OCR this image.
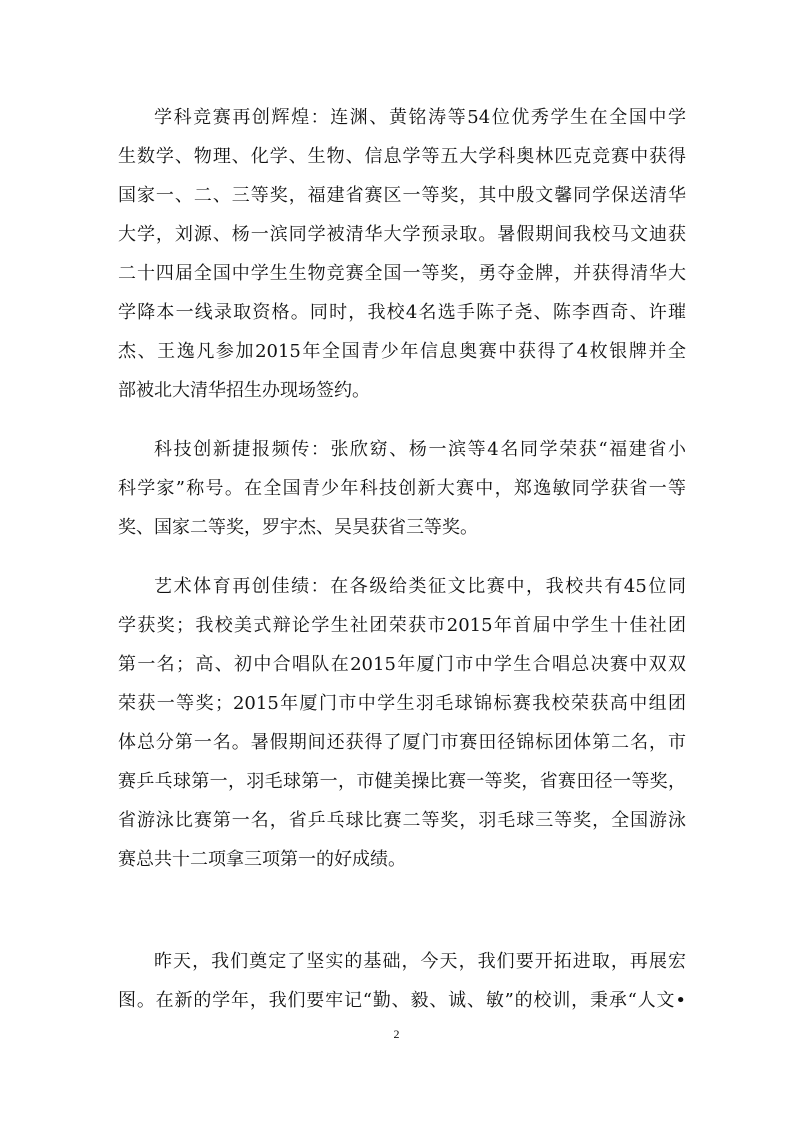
学科竞赛再创辉煌：连渊、黄铭涛等54位优秀学生在全国中学
生数学、物理、化学、生物、信息学等五大学科奥林匹克竞赛中获得
国家一、二、三等奖，福建省赛区一等奖，其中殷文馨同学保送清华
大学，刘源、杨一滨同学被清华大学预录取。暑假期间我校马文迪获
二十四届全国中学生生物竞赛全国一等奖，勇夺金牌，并获得清华大
学降本一线录取资格。同时，我校4名选手陈子尧、陈李酉奇、许璀
杰、王逸凡参加2015年全国青少年信息奥赛中获得了4枚银牌并全
部被北大清华招生办现场签约。
科技创新捷报频传：张欣窈、杨一滨等4名同学荣获“福建省小
科学家”称号。在全国青少年科技创新大赛中，郑逸敏同学获省一等
奖、国家二等奖，罗宇杰、吴昊获省三等奖。
艺术体育再创佳绩：在各级给类征文比赛中，我校共有45位同
学获奖；我校美式辩论学生社团荣获市2015年首届中学生十佳社团
第一名；高、初中合唱队在2015年厦门市中学生合唱总决赛中双双
荣获一等奖；2015年厦门市中学生羽毛球锦标赛我校荣获高中组团
体总分第一名。暑假期间还获得了厦门市赛田径锦标团体第二名，市
赛乒乓球第一，羽毛球第一，市健美操比赛一等奖，省赛田径一等奖，
省游泳比赛第一名，省乒乓球比赛二等奖，羽毛球三等奖，全国游泳
赛总共十二项拿三项第一的好成绩。
昨天，我们奠定了坚实的基础，今天，我们要开拓进取，再展宏
图。在新的学年，我们要牢记“勤、毅、诚、敏”的校训，秉承“人文•
2
